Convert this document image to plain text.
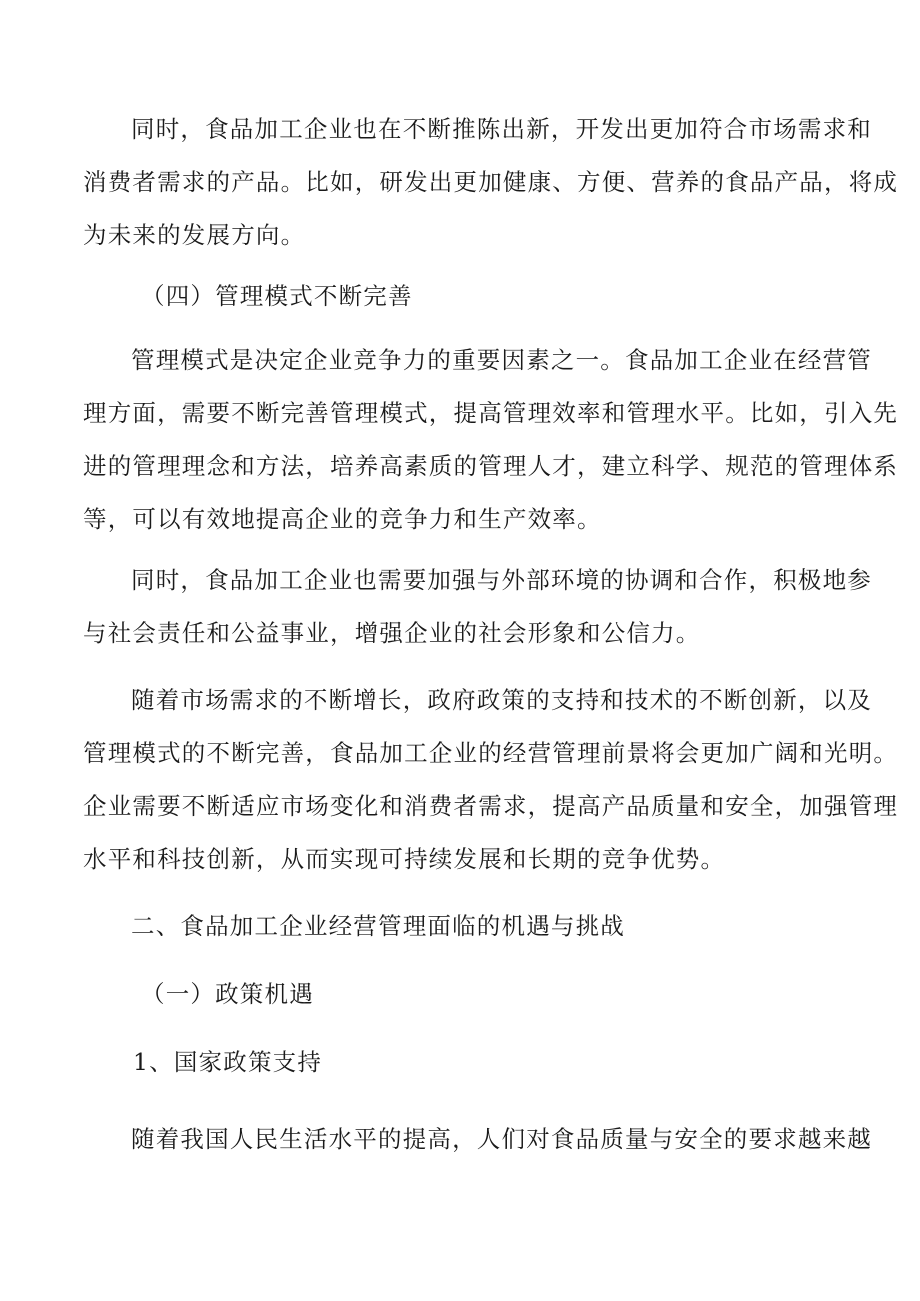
同时，食品加工企业也在不断推陈出新，开发出更加符合市场需求和
消费者需求的产品。比如，研发出更加健康、方便、营养的食品产品，将成
为未来的发展方向。
（四）管理模式不断完善
管理模式是决定企业竞争力的重要因素之一。食品加工企业在经营管
理方面，需要不断完善管理模式，提高管理效率和管理水平。比如，引入先
进的管理理念和方法，培养高素质的管理人才，建立科学、规范的管理体系
等，可以有效地提高企业的竞争力和生产效率。
同时，食品加工企业也需要加强与外部环境的协调和合作，积极地参
与社会责任和公益事业，增强企业的社会形象和公信力。
随着市场需求的不断增长，政府政策的支持和技术的不断创新，以及
管理模式的不断完善，食品加工企业的经营管理前景将会更加广阔和光明。
企业需要不断适应市场变化和消费者需求，提高产品质量和安全，加强管理
水平和科技创新，从而实现可持续发展和长期的竞争优势。
二、食品加工企业经营管理面临的机遇与挑战
（一）政策机遇
1、国家政策支持
随着我国人民生活水平的提高，人们对食品质量与安全的要求越来越
